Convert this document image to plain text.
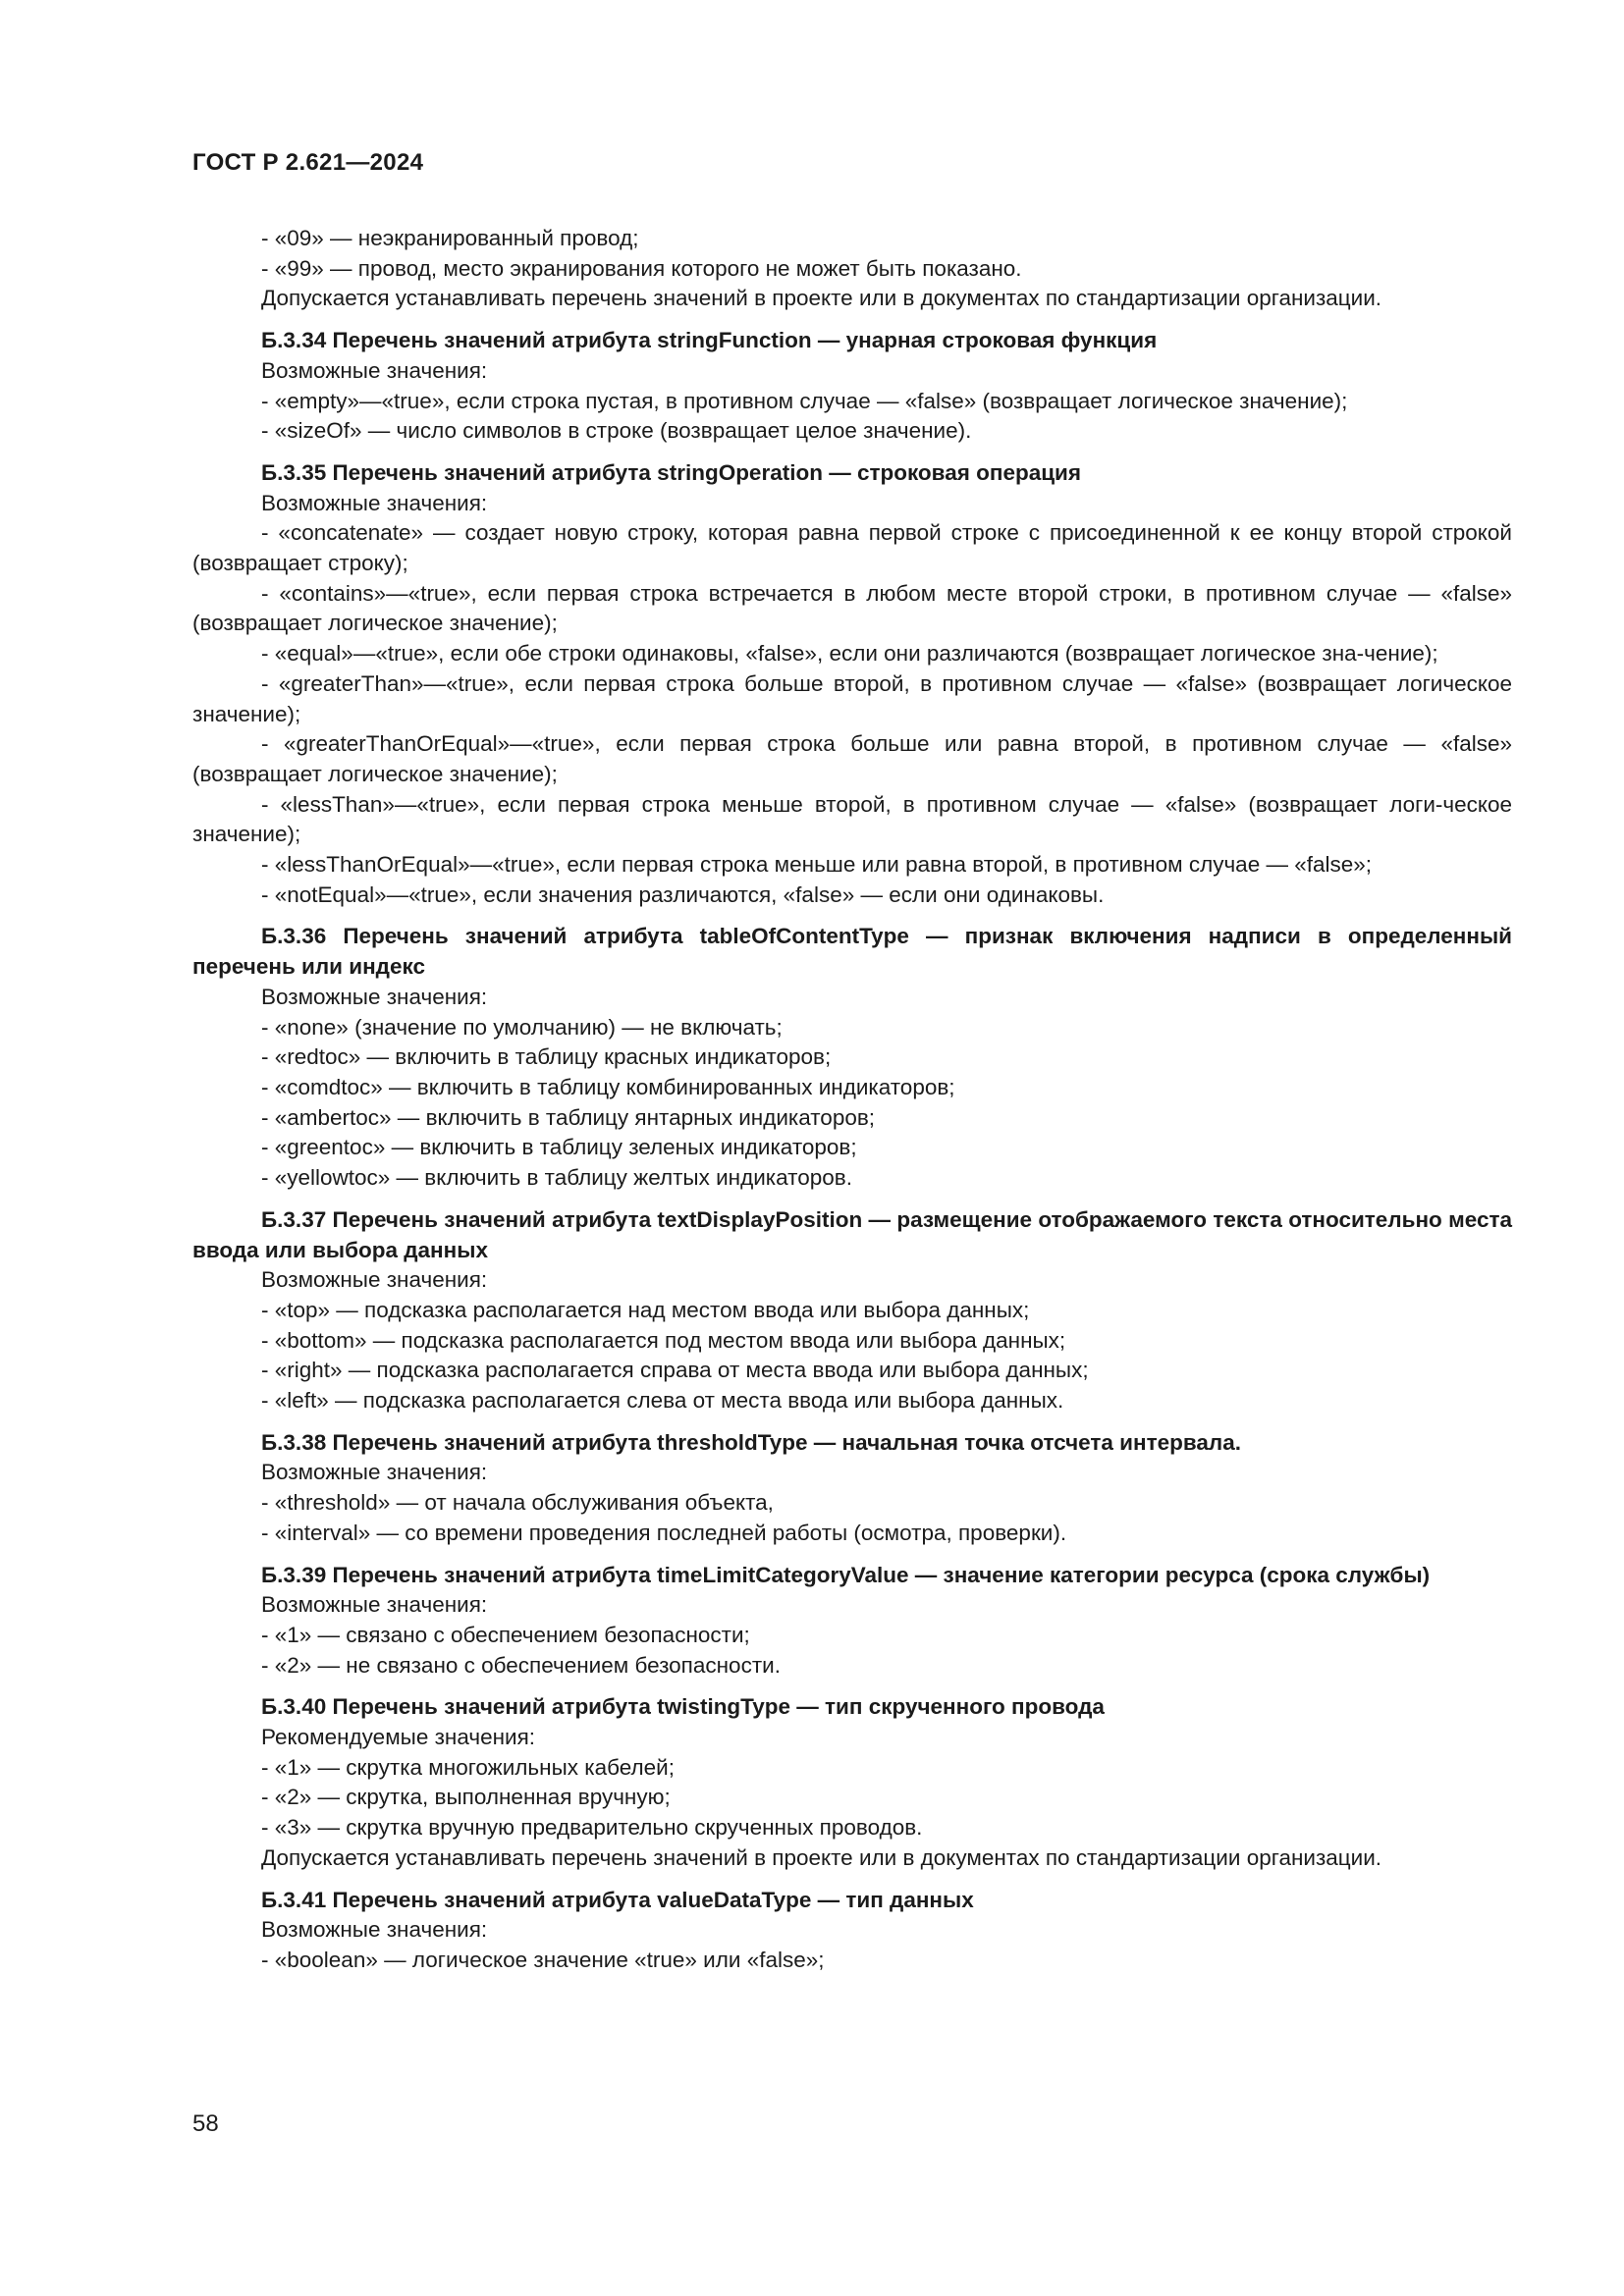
ГОСТ Р 2.621—2024

- «09» — неэкранированный провод;

- «99» — провод, место экранирования которого не может быть показано.

Допускается устанавливать перечень значений в проекте или в документах по стандартизации организации.

Б.3.34 Перечень значений атрибута stringFunction — унарная строковая функция

Возможные значения:

- «empty»—«true», если строка пустая, в противном случае — «false» (возвращает логическое значение);

- «sizeOf» — число символов в строке (возвращает целое значение).

Б.3.35 Перечень значений атрибута stringOperation — строковая операция

Возможные значения:

- «concatenate» — создает новую строку, которая равна первой строке с присоединенной к ее концу второй строкой (возвращает строку);

- «contains»—«true», если первая строка встречается в любом месте второй строки, в противном случае — «false» (возвращает логическое значение);

- «equal»—«true», если обе строки одинаковы, «false», если они различаются (возвращает логическое зна-чение);

- «greaterThan»—«true», если первая строка больше второй, в противном случае — «false» (возвращает логическое значение);

- «greaterThanOrEqual»—«true», если первая строка больше или равна второй, в противном случае — «false» (возвращает логическое значение);

- «lessThan»—«true», если первая строка меньше второй, в противном случае — «false» (возвращает логи-ческое значение);

- «lessThanOrEqual»—«true», если первая строка меньше или равна второй, в противном случае — «false»;

- «notEqual»—«true», если значения различаются, «false» — если они одинаковы.

Б.3.36 Перечень значений атрибута tableOfContentType — признак включения надписи в определенный перечень или индекс

Возможные значения:

- «none» (значение по умолчанию) — не включать;

- «redtoc» — включить в таблицу красных индикаторов;

- «comdtoc» — включить в таблицу комбинированных индикаторов;

- «ambertoc» — включить в таблицу янтарных индикаторов;

- «greentoc» — включить в таблицу зеленых индикаторов;

- «yellowtoc» — включить в таблицу желтых индикаторов.

Б.3.37 Перечень значений атрибута textDisplayPosition — размещение отображаемого текста относительно места ввода или выбора данных

Возможные значения:

- «top» — подсказка располагается над местом ввода или выбора данных;

- «bottom» — подсказка располагается под местом ввода или выбора данных;

- «right» — подсказка располагается справа от места ввода или выбора данных;

- «left» — подсказка располагается слева от места ввода или выбора данных.

Б.3.38 Перечень значений атрибута thresholdType — начальная точка отсчета интервала.

Возможные значения:

- «threshold» — от начала обслуживания объекта,

- «interval» — со времени проведения последней работы (осмотра, проверки).

Б.3.39 Перечень значений атрибута timeLimitCategoryValue — значение категории ресурса (срока службы)

Возможные значения:

- «1» — связано с обеспечением безопасности;

- «2» — не связано с обеспечением безопасности.

Б.3.40 Перечень значений атрибута twistingType — тип скрученного провода

Рекомендуемые значения:

- «1» — скрутка многожильных кабелей;

- «2» — скрутка, выполненная вручную;

- «3» — скрутка вручную предварительно скрученных проводов.

Допускается устанавливать перечень значений в проекте или в документах по стандартизации организации.

Б.3.41 Перечень значений атрибута valueDataType — тип данных

Возможные значения:

- «boolean» — логическое значение «true» или «false»;

58
